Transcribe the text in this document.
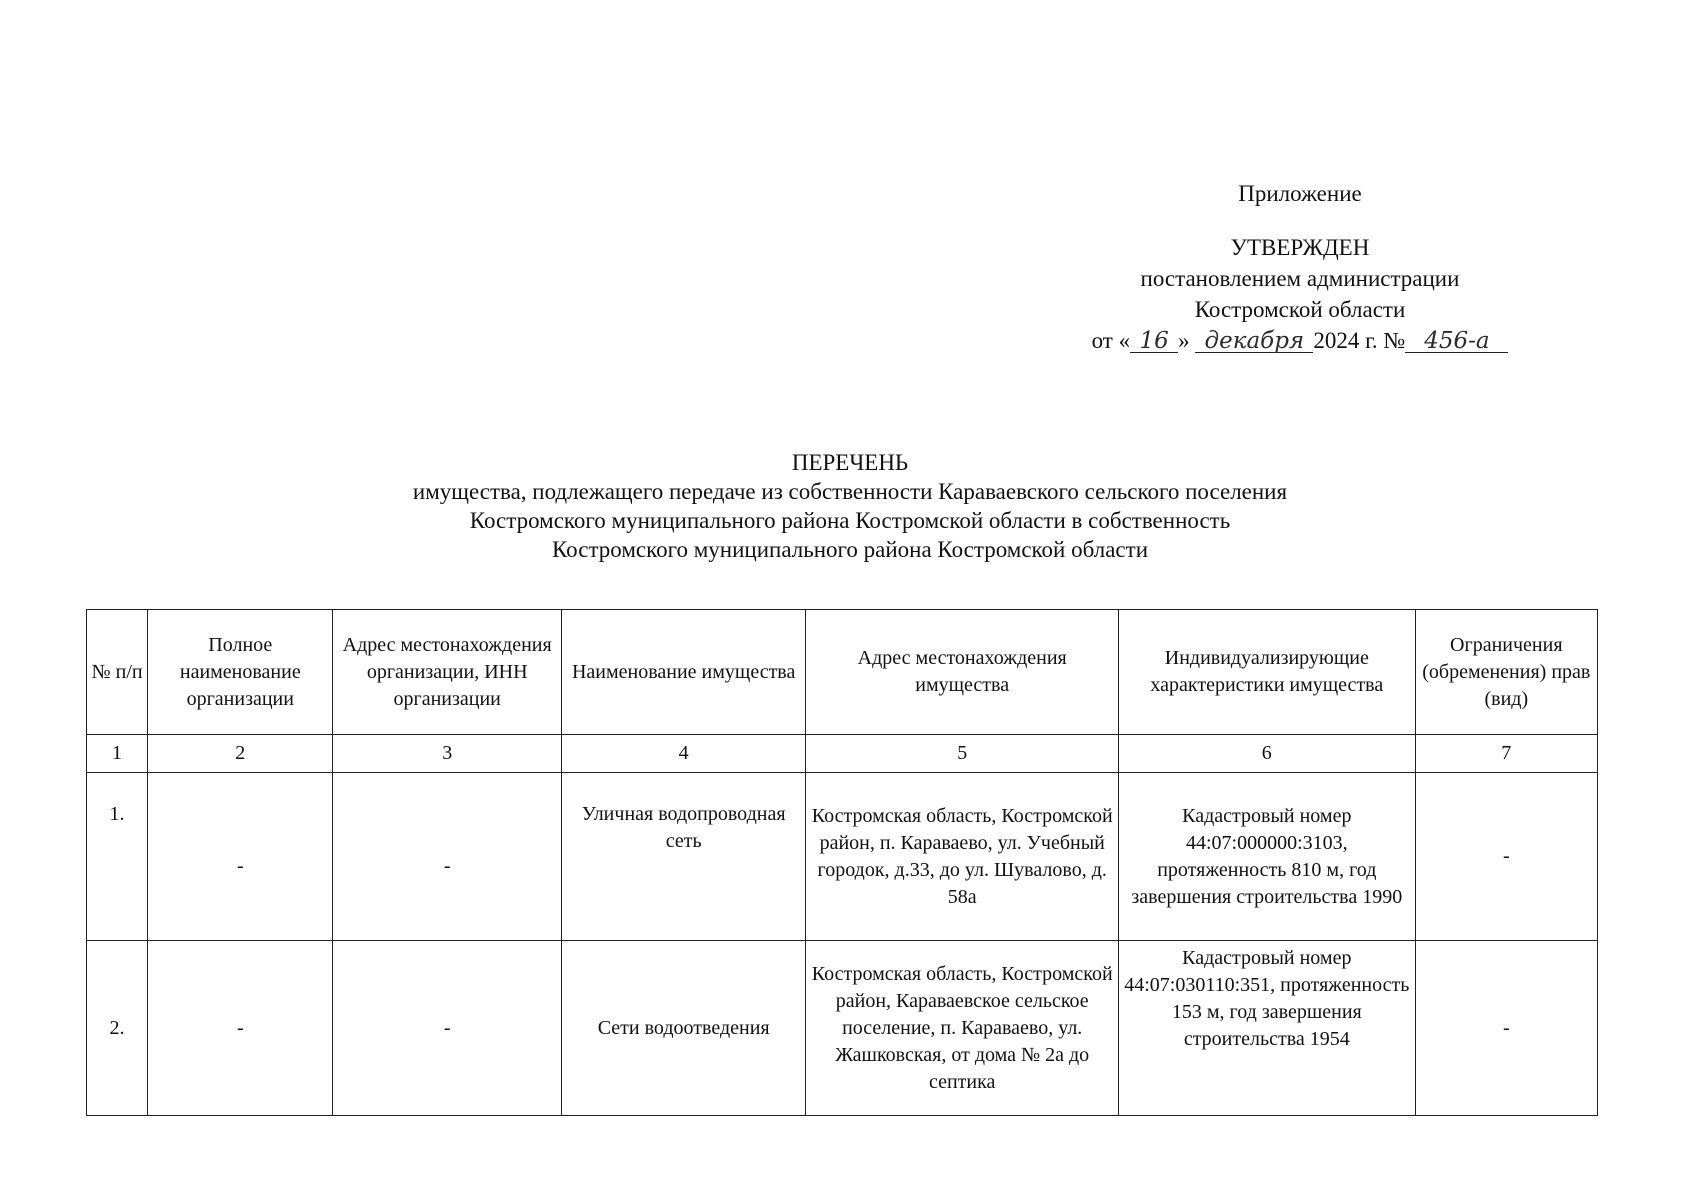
Приложение
УТВЕРЖДЕН
постановлением администрации
Костромской области
от « 16 » декабря 2024 г. № 456-а
ПЕРЕЧЕНЬ
имущества, подлежащего передаче из собственности Караваевского сельского поселения
Костромского муниципального района Костромской области в собственность
Костромского муниципального района Костромской области
№ п/п	Полное наименование организации	Адрес местонахождения организации, ИНН организации	Наименование имущества	Адрес местонахождения имущества	Индивидуализирующие характеристики имущества	Ограничения (обременения) прав (вид)
1	2	3	4	5	6	7
1.	-	-	Уличная водопроводная сеть	Костромская область, Костромской район, п. Караваево, ул. Учебный городок, д.33, до ул. Шувалово, д. 58а	Кадастровый номер 44:07:000000:3103, протяженность 810 м, год завершения строительства 1990	-
2.	-	-	Сети водоотведения	Костромская область, Костромской район, Караваевское сельское поселение, п. Караваево, ул. Жашковская, от дома № 2а до септика	Кадастровый номер 44:07:030110:351, протяженность 153 м, год завершения строительства 1954	-
